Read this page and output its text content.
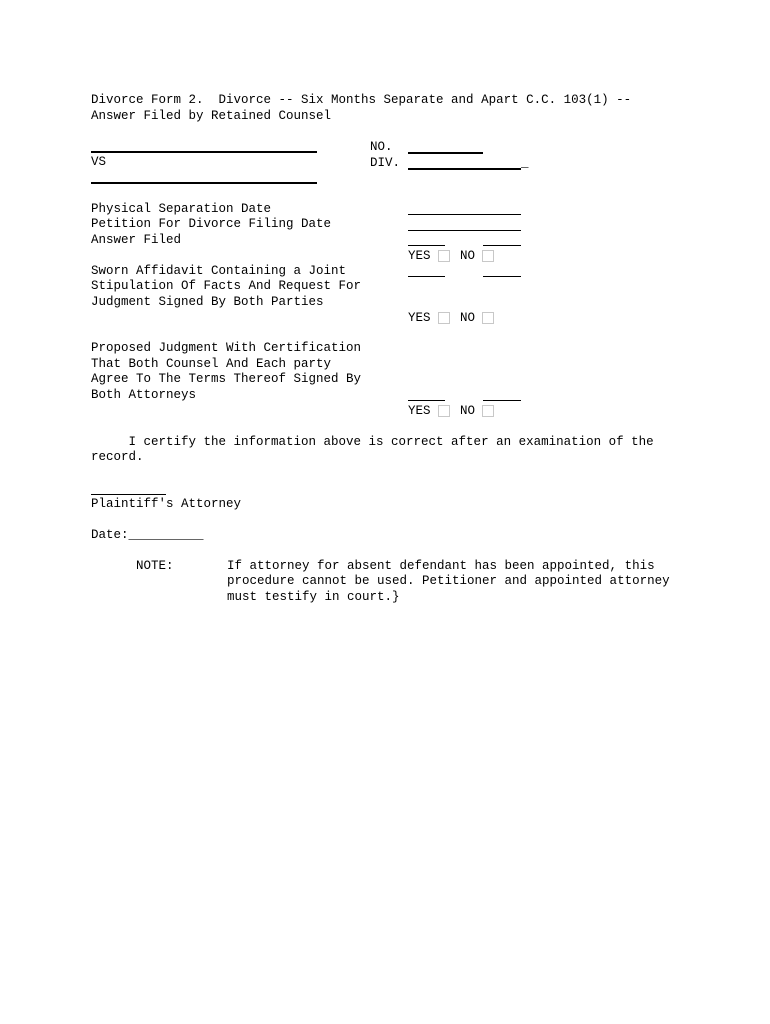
Divorce Form 2.  Divorce -- Six Months Separate and Apart C.C. 103(1) --
Answer Filed by Retained Counsel
VS
NO.
DIV.	_
Physical Separation Date
Petition For Divorce Filing Date
Answer Filed
YES NO
Sworn Affidavit Containing a Joint
Stipulation Of Facts And Request For
Judgment Signed By Both Parties
YES NO
Proposed Judgment With Certification
That Both Counsel And Each party
Agree To The Terms Thereof Signed By
Both Attorneys
YES NO
I certify the information above is correct after an examination of the
record.
Plaintiff's Attorney
Date:__________
NOTE:	If attorney for absent defendant has been appointed, this
procedure cannot be used. Petitioner and appointed attorney
must testify in court.}
